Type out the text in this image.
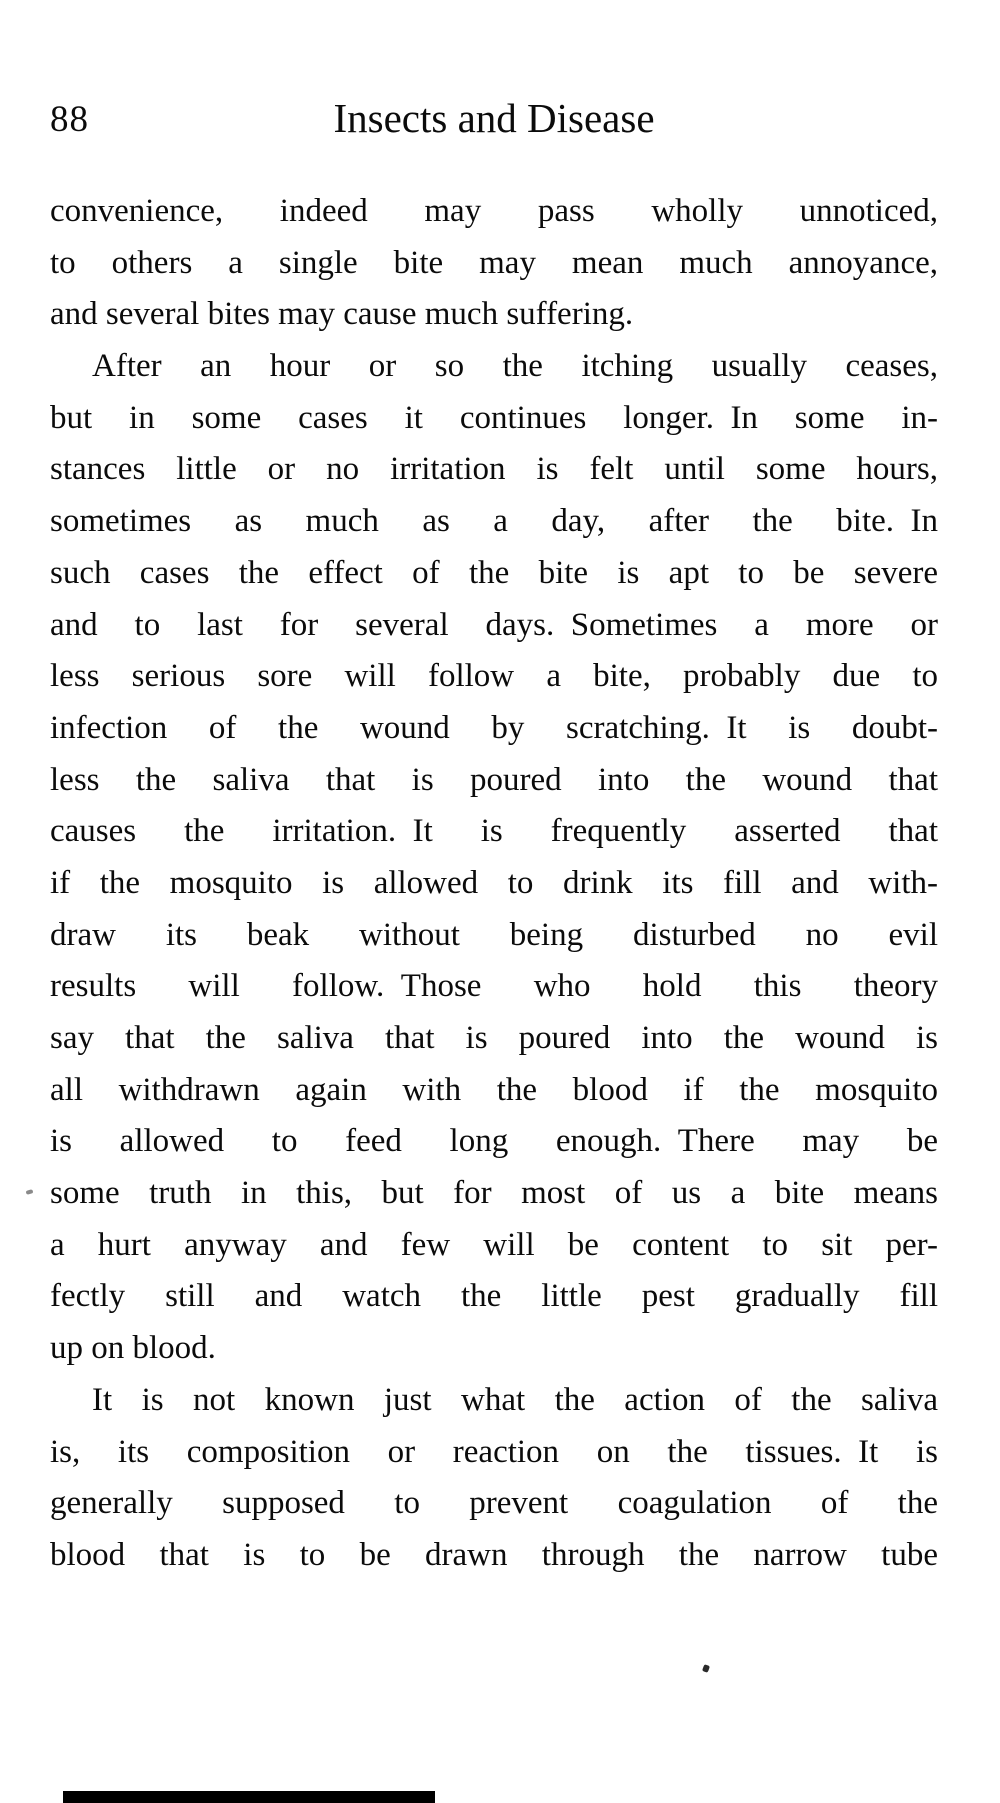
88	Insects and Disease
convenience, indeed may pass wholly unnoticed,
to others a single bite may mean much annoyance,
and several bites may cause much suffering.
After an hour or so the itching usually ceases,
but in some cases it continues longer. In some in-
stances little or no irritation is felt until some hours,
sometimes as much as a day, after the bite. In
such cases the effect of the bite is apt to be severe
and to last for several days. Sometimes a more or
less serious sore will follow a bite, probably due to
infection of the wound by scratching. It is doubt-
less the saliva that is poured into the wound that
causes the irritation. It is frequently asserted that
if the mosquito is allowed to drink its fill and with-
draw its beak without being disturbed no evil
results will follow. Those who hold this theory
say that the saliva that is poured into the wound is
all withdrawn again with the blood if the mosquito
is allowed to feed long enough. There may be
some truth in this, but for most of us a bite means
a hurt anyway and few will be content to sit per-
fectly still and watch the little pest gradually fill
up on blood.
It is not known just what the action of the saliva
is, its composition or reaction on the tissues. It is
generally supposed to prevent coagulation of the
blood that is to be drawn through the narrow tube
